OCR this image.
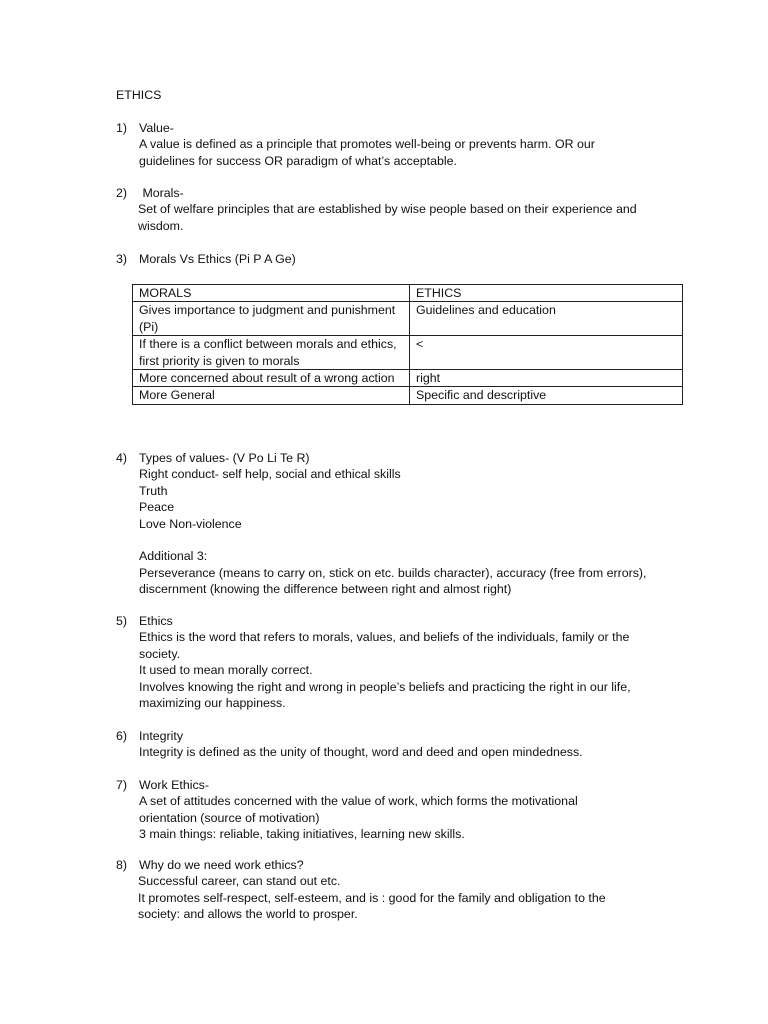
ETHICS
1) Value-

A value is defined as a principle that promotes well-being or prevents harm. OR our

guidelines for success OR paradigm of what’s acceptable.

2) Morals-

Set of welfare principles that are established by wise people based on their experience and

wisdom.

3) Morals Vs Ethics (Pi P A Ge)
MORALS	ETHICS
Gives importance to judgment and punishment (Pi)	Guidelines and education
If there is a conflict between morals and ethics, first priority is given to morals	<
More concerned about result of a wrong action	right
More General	Specific and descriptive
4) Types of values- (V Po Li Te R)

Right conduct- self help, social and ethical skills

Truth

Peace

Love Non-violence

Additional 3:

Perseverance (means to carry on, stick on etc. builds character), accuracy (free from errors),

discernment (knowing the difference between right and almost right)

5) Ethics

Ethics is the word that refers to morals, values, and beliefs of the individuals, family or the

society.

It used to mean morally correct.

Involves knowing the right and wrong in people’s beliefs and practicing the right in our life,

maximizing our happiness.

6) Integrity

Integrity is defined as the unity of thought, word and deed and open mindedness.

7) Work Ethics-

A set of attitudes concerned with the value of work, which forms the motivational

orientation (source of motivation)

3 main things: reliable, taking initiatives, learning new skills.

8) Why do we need work ethics?

Successful career, can stand out etc.

It promotes self-respect, self-esteem, and is : good for the family and obligation to the

society: and allows the world to prosper.
